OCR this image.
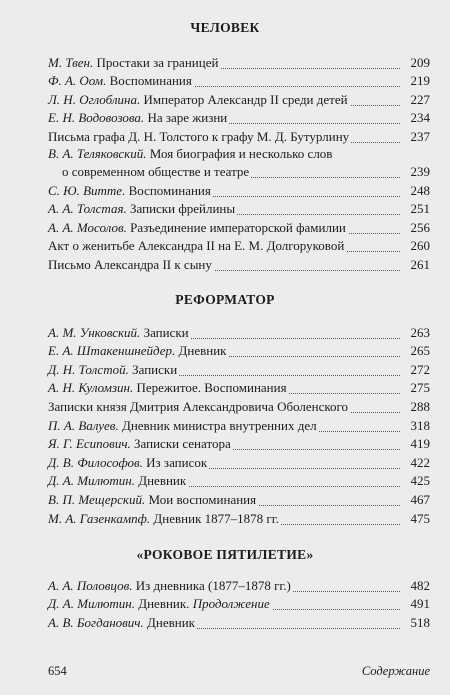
ЧЕЛОВЕК
М. Твен. Простаки за границей	209
Ф. А. Оом. Воспоминания	219
Л. Н. Оглоблина. Император Александр II среди детей	227
Е. Н. Водовозова. На заре жизни	234
Письма графа Д. Н. Толстого к графу М. Д. Бутурлину	237
В. А. Теляковский. Моя биография и несколько слов
о современном обществе и театре	239
С. Ю. Витте. Воспоминания	248
А. А. Толстая. Записки фрейлины	251
А. А. Мосолов. Разъединение императорской фамилии	256
Акт о женитьбе Александра II на Е. М. Долгоруковой	260
Письмо Александра II к сыну	261
РЕФОРМАТОР
А. М. Унковский. Записки	263
Е. А. Штакеншнейдер. Дневник	265
Д. Н. Толстой. Записки	272
А. Н. Куломзин. Пережитое. Воспоминания	275
Записки князя Дмитрия Александровича Оболенского	288
П. А. Валуев. Дневник министра внутренних дел	318
Я. Г. Есипович. Записки сенатора	419
Д. В. Философов. Из записок	422
Д. А. Милютин. Дневник	425
В. П. Мещерский. Мои воспоминания	467
М. А. Газенкампф. Дневник 1877–1878 гг.	475
«РОКОВОЕ ПЯТИЛЕТИЕ»
А. А. Половцов. Из дневника (1877–1878 гг.)	482
Д. А. Милютин. Дневник. Продолжение	491
А. В. Богданович. Дневник	518
654	Содержание
